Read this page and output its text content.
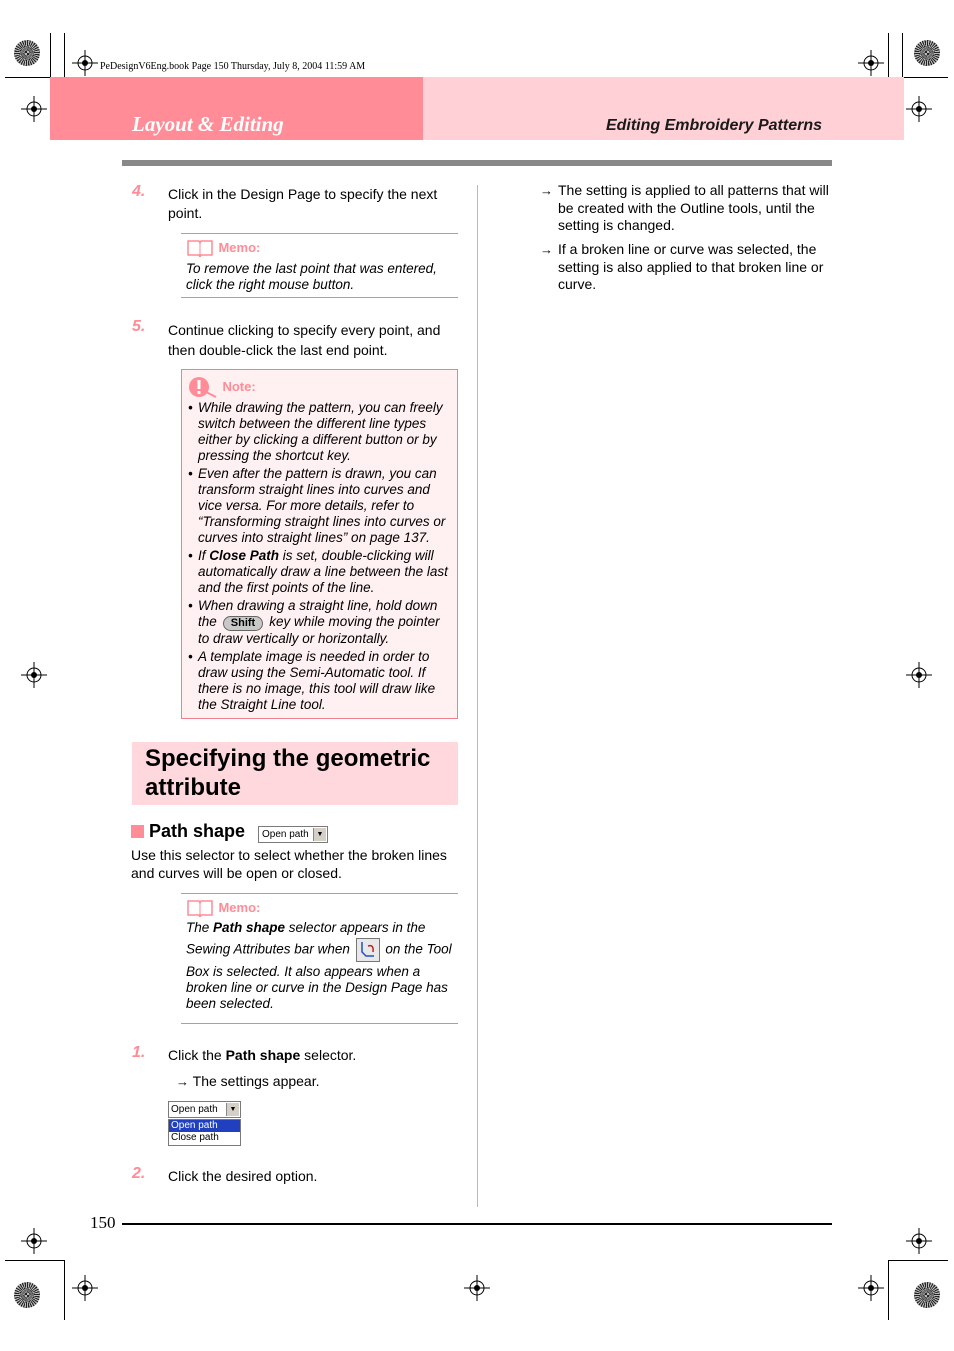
PeDesignV6Eng.book Page 150 Thursday, July 8, 2004 11:59 AM
Layout & Editing	Editing Embroidery Patterns
4. Click in the Design Page to specify the next point.
Memo:
To remove the last point that was entered, click the right mouse button.
5. Continue clicking to specify every point, and then double-click the last end point.
Note:
• While drawing the pattern, you can freely switch between the different line types either by clicking a different button or by pressing the shortcut key.
• Even after the pattern is drawn, you can transform straight lines into curves and vice versa. For more details, refer to “Transforming straight lines into curves or curves into straight lines” on page 137.
• If Close Path is set, double-clicking will automatically draw a line between the last and the first points of the line.
• When drawing a straight line, hold down the Shift key while moving the pointer to draw vertically or horizontally.
• A template image is needed in order to draw using the Semi-Automatic tool. If there is no image, this tool will draw like the Straight Line tool.
Specifying the geometric attribute
Path shape Open path	▼
Use this selector to select whether the broken lines and curves will be open or closed.
Memo:
The Path shape selector appears in the Sewing Attributes bar when	on the Tool Box is selected. It also appears when a broken line or curve in the Design Page has been selected.
1. Click the Path shape selector.
→ The settings appear.
Open path	▼
Open path
Close path
2. Click the desired option.
→ The setting is applied to all patterns that will be created with the Outline tools, until the setting is changed.
→ If a broken line or curve was selected, the setting is also applied to that broken line or curve.
150
